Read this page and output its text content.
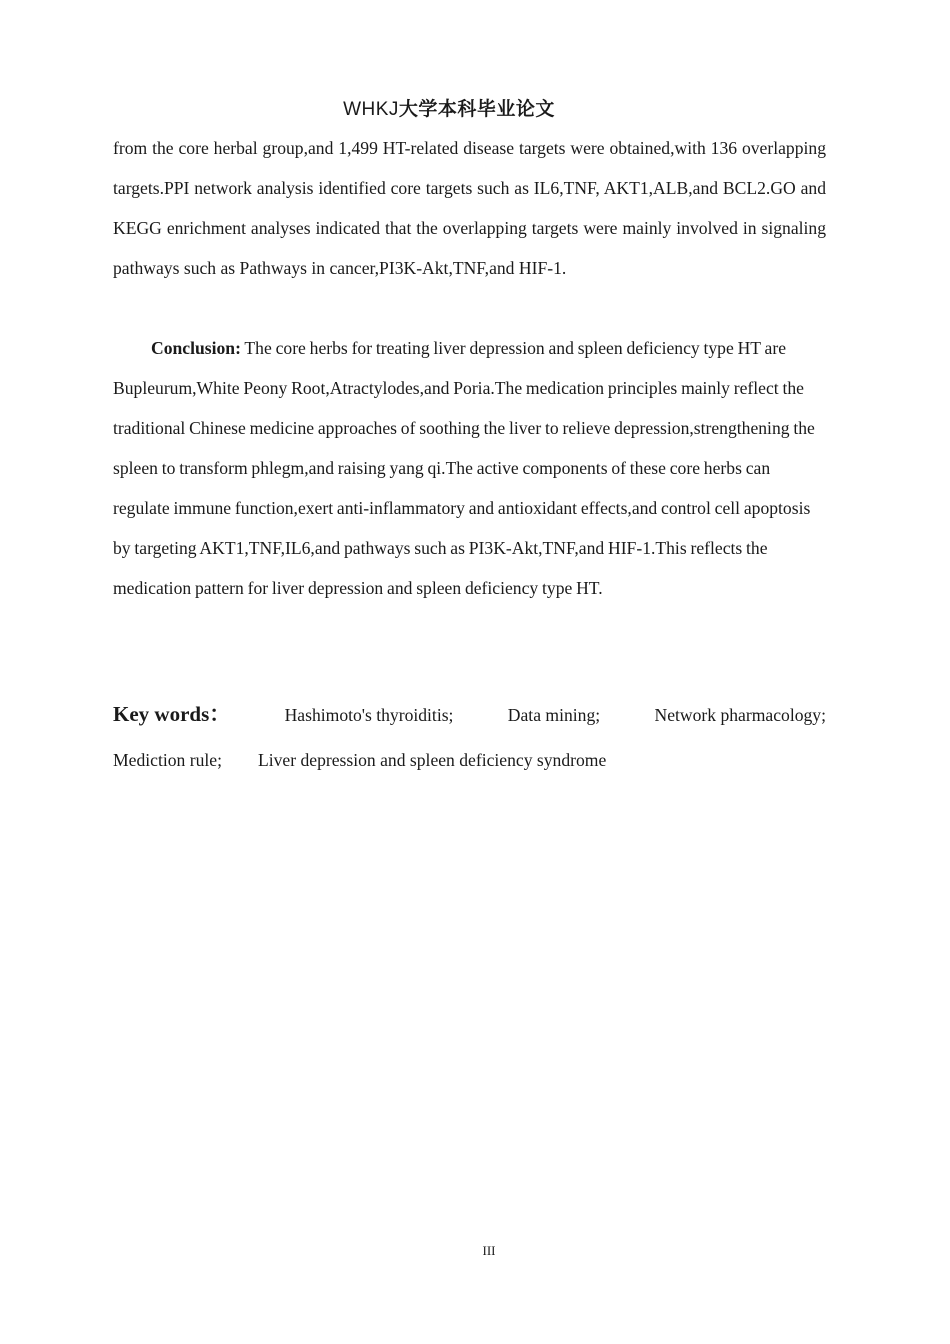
WHKJ大学本科毕业论文
from the core herbal group,and 1,499 HT-related disease targets were obtained,with 136 overlapping targets.PPI network analysis identified core targets such as IL6,TNF, AKT1,ALB,and BCL2.GO and KEGG enrichment analyses indicated that the overlapping targets were mainly involved in signaling pathways such as Pathways in cancer,PI3K-Akt,TNF,and HIF-1.
Conclusion: The core herbs for treating liver depression and spleen deficiency type HT are Bupleurum,White Peony Root,Atractylodes,and Poria.The medication principles mainly reflect the traditional Chinese medicine approaches of soothing the liver to relieve depression,strengthening the spleen to transform phlegm,and raising yang qi.The active components of these core herbs can regulate immune function,exert anti-inflammatory and antioxidant effects,and control cell apoptosis by targeting AKT1,TNF,IL6,and pathways such as PI3K-Akt,TNF,and HIF-1.This reflects the medication pattern for liver depression and spleen deficiency type HT.
Key words：	Hashimoto's thyroiditis;	Data mining;	Network pharmacology;
Mediction rule; Liver depression and spleen deficiency syndrome
III
